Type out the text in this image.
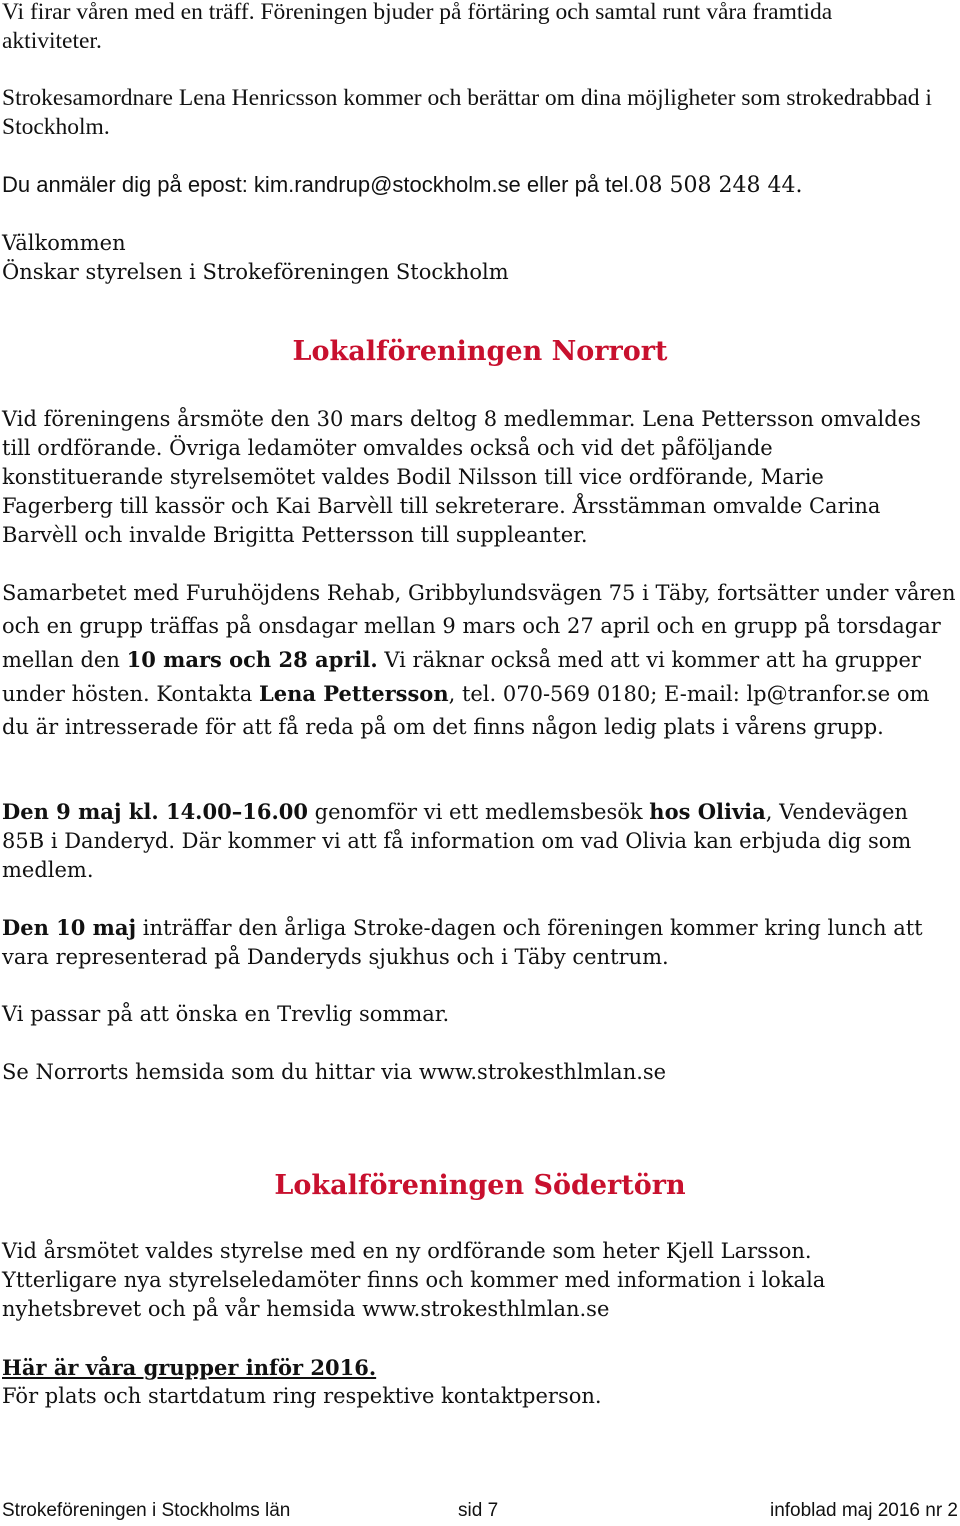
Vi firar våren med en träff. Föreningen bjuder på förtäring och samtal runt våra framtida aktiviteter.

Strokesamordnare Lena Henricsson kommer och berättar om dina möjligheter som strokedrabbad i Stockholm.

Du anmäler dig på epost: kim.randrup@stockholm.se eller på tel.08 508 248 44.

Välkommen

Önskar styrelsen i Strokeföreningen Stockholm

Lokalföreningen Norrort

Vid föreningens årsmöte den 30 mars deltog 8 medlemmar. Lena Pettersson omvaldes till ordförande. Övriga ledamöter omvaldes också och vid det påföljande konstituerande styrelsemötet valdes Bodil Nilsson till vice ordförande, Marie Fagerberg till kassör och Kai Barvèll till sekreterare. Årsstämman omvalde Carina Barvèll och invalde Brigitta Pettersson till suppleanter.

Samarbetet med Furuhöjdens Rehab, Gribbylundsvägen 75 i Täby, fortsätter under våren och en grupp träffas på onsdagar mellan 9 mars och 27 april och en grupp på torsdagar mellan den 10 mars och 28 april. Vi räknar också med att vi kommer att ha grupper under hösten. Kontakta Lena Pettersson, tel. 070-569 0180; E-mail: lp@tranfor.se om du är intresserade för att få reda på om det finns någon ledig plats i vårens grupp.

Den 9 maj kl. 14.00–16.00 genomför vi ett medlemsbesök hos Olivia, Vendevägen 85B i Danderyd. Där kommer vi att få information om vad Olivia kan erbjuda dig som medlem.

Den 10 maj inträffar den årliga Stroke-dagen och föreningen kommer kring lunch att vara representerad på Danderyds sjukhus och i Täby centrum.

Vi passar på att önska en Trevlig sommar.

Se Norrorts hemsida som du hittar via www.strokesthlmlan.se

Lokalföreningen Södertörn

Vid årsmötet valdes styrelse med en ny ordförande som heter Kjell Larsson. Ytterligare nya styrelseledamöter finns och kommer med information i lokala nyhetsbrevet och på vår hemsida www.strokesthlmlan.se

Här är våra grupper inför 2016.

För plats och startdatum ring respektive kontaktperson.

Strokeföreningen i Stockholms län	sid 7	infoblad maj 2016 nr 2
